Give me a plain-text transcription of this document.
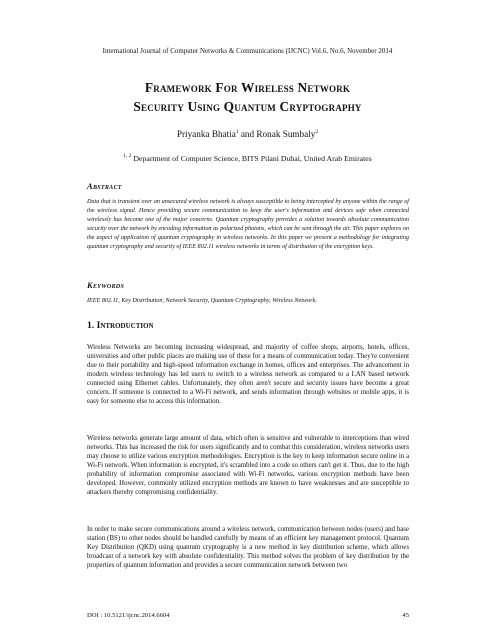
International Journal of Computer Networks & Communications (IJCNC) Vol.6, No.6, November 2014
Framework For Wireless Network
Security Using Quantum Cryptography
Priyanka Bhatia$^1$ and Ronak Sumbaly$^2$
$^{1, 2}$ Department of Computer Science, BITS Pilani Dubai, United Arab Emirates
Abstract
Data that is transient over an unsecured wireless network is always susceptible to being intercepted by anyone within the range of the wireless signal. Hence providing secure communication to keep the user's information and devices safe when connected wirelessly has become one of the major concerns. Quantum cryptography provides a solution towards absolute communication security over the network by encoding information as polarized photons, which can be sent through the air. This paper explores on the aspect of application of quantum cryptography in wireless networks. In this paper we present a methodology for integrating quantum cryptography and security of IEEE 802.11 wireless networks in terms of distribution of the encryption keys.
Keywords
IEEE 802.11, Key Distribution, Network Security, Quantum Cryptography, Wireless Network.
1. Introduction
Wireless Networks are becoming increasing widespread, and majority of coffee shops, airports, hotels, offices, universities and other public places are making use of these for a means of communication today. They're convenient due to their portability and high-speed information exchange in homes, offices and enterprises. The advancement in modern wireless technology has led users to switch to a wireless network as compared to a LAN based network connected using Ethernet cables. Unfortunately, they often aren't secure and security issues have become a great concern. If someone is connected to a Wi-Fi network, and sends information through websites or mobile apps, it is easy for someone else to access this information.
Wireless networks generate large amount of data, which often is sensitive and vulnerable to interceptions than wired networks. This has increased the risk for users significantly and to combat this consideration, wireless networks users may choose to utilize various encryption methodologies. Encryption is the key to keep information secure online in a Wi-Fi network. When information is encrypted, it's scrambled into a code so others can't get it. Thus, due to the high probability of information compromise associated with Wi-Fi networks, various encryption methods have been developed. However, commonly utilized encryption methods are known to have weaknesses and are susceptible to attackers thereby compromising confidentiality.
In order to make secure communications around a wireless network, communication between nodes (users) and base station (BS) to other nodes should be handled carefully by means of an efficient key management protocol. Quantum Key Distribution (QKD) using quantum cryptography is a new method in key distribution scheme, which allows broadcast of a network key with absolute confidentiality. This method solves the problem of key distribution by the properties of quantum information and provides a secure communication network between two
DOI : 10.5121/ijcnc.2014.6604	45
